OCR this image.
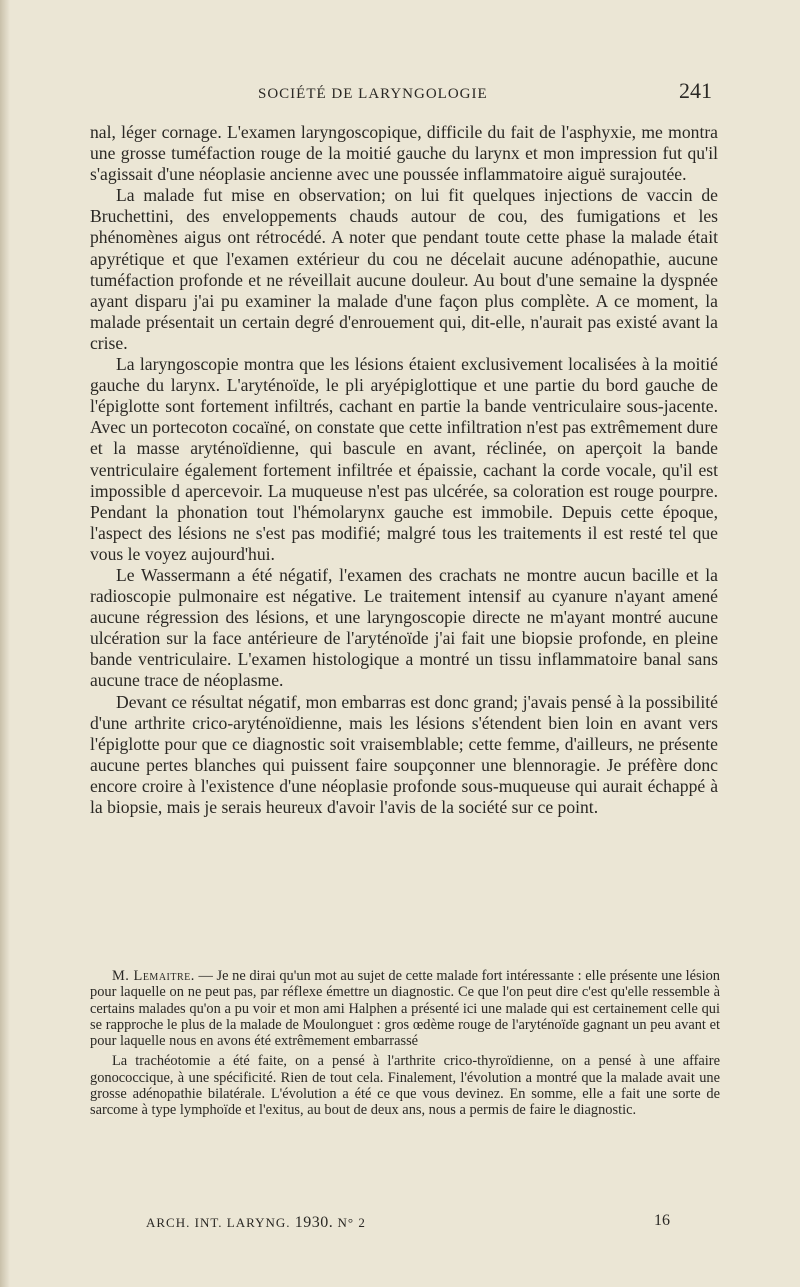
SOCIÉTÉ DE LARYNGOLOGIE	241

nal, léger cornage. L'examen laryngoscopique, difficile du fait de l'asphyxie, me montra une grosse tuméfaction rouge de la moitié gauche du larynx et mon impression fut qu'il s'agissait d'une néoplasie ancienne avec une poussée inflammatoire aiguë surajoutée.

La malade fut mise en observation; on lui fit quelques injections de vaccin de Bruchettini, des enveloppements chauds autour de cou, des fumigations et les phénomènes aigus ont rétrocédé. A noter que pendant toute cette phase la malade était apyrétique et que l'examen extérieur du cou ne décelait aucune adénopathie, aucune tuméfaction profonde et ne réveillait aucune douleur. Au bout d'une semaine la dyspnée ayant disparu j'ai pu examiner la malade d'une façon plus complète. A ce moment, la malade présentait un certain degré d'enrouement qui, dit-elle, n'aurait pas existé avant la crise.

La laryngoscopie montra que les lésions étaient exclusivement localisées à la moitié gauche du larynx. L'aryténoïde, le pli aryépiglottique et une partie du bord gauche de l'épiglotte sont fortement infiltrés, cachant en partie la bande ventriculaire sous-jacente. Avec un portecoton cocaïné, on constate que cette infiltration n'est pas extrêmement dure et la masse aryténoïdienne, qui bascule en avant, réclinée, on aperçoit la bande ventriculaire également fortement infiltrée et épaissie, cachant la corde vocale, qu'il est impossible d apercevoir. La muqueuse n'est pas ulcérée, sa coloration est rouge pourpre. Pendant la phonation tout l'hémolarynx gauche est immobile. Depuis cette époque, l'aspect des lésions ne s'est pas modifié; malgré tous les traitements il est resté tel que vous le voyez aujourd'hui.

Le Wassermann a été négatif, l'examen des crachats ne montre aucun bacille et la radioscopie pulmonaire est négative. Le traitement intensif au cyanure n'ayant amené aucune régression des lésions, et une laryngoscopie directe ne m'ayant montré aucune ulcération sur la face antérieure de l'aryténoïde j'ai fait une biopsie profonde, en pleine bande ventriculaire. L'examen histologique a montré un tissu inflammatoire banal sans aucune trace de néoplasme.

Devant ce résultat négatif, mon embarras est donc grand; j'avais pensé à la possibilité d'une arthrite crico-aryténoïdienne, mais les lésions s'étendent bien loin en avant vers l'épiglotte pour que ce diagnostic soit vraisemblable; cette femme, d'ailleurs, ne présente aucune pertes blanches qui puissent faire soupçonner une blennoragie. Je préfère donc encore croire à l'existence d'une néoplasie profonde sous-muqueuse qui aurait échappé à la biopsie, mais je serais heureux d'avoir l'avis de la société sur ce point.

M. Lemaitre. — Je ne dirai qu'un mot au sujet de cette malade fort intéressante : elle présente une lésion pour laquelle on ne peut pas, par réflexe émettre un diagnostic. Ce que l'on peut dire c'est qu'elle ressemble à certains malades qu'on a pu voir et mon ami Halphen a présenté ici une malade qui est certainement celle qui se rapproche le plus de la malade de Moulonguet : gros œdème rouge de l'aryténoïde gagnant un peu avant et pour laquelle nous en avons été extrêmement embarrassé

La trachéotomie a été faite, on a pensé à l'arthrite crico-thyroïdienne, on a pensé à une affaire gonococcique, à une spécificité. Rien de tout cela. Finalement, l'évolution a montré que la malade avait une grosse adénopathie bilatérale. L'évolution a été ce que vous devinez. En somme, elle a fait une sorte de sarcome à type lymphoïde et l'exitus, au bout de deux ans, nous a permis de faire le diagnostic.

ARCH. INT. LARYNG. 1930. N° 2	16
